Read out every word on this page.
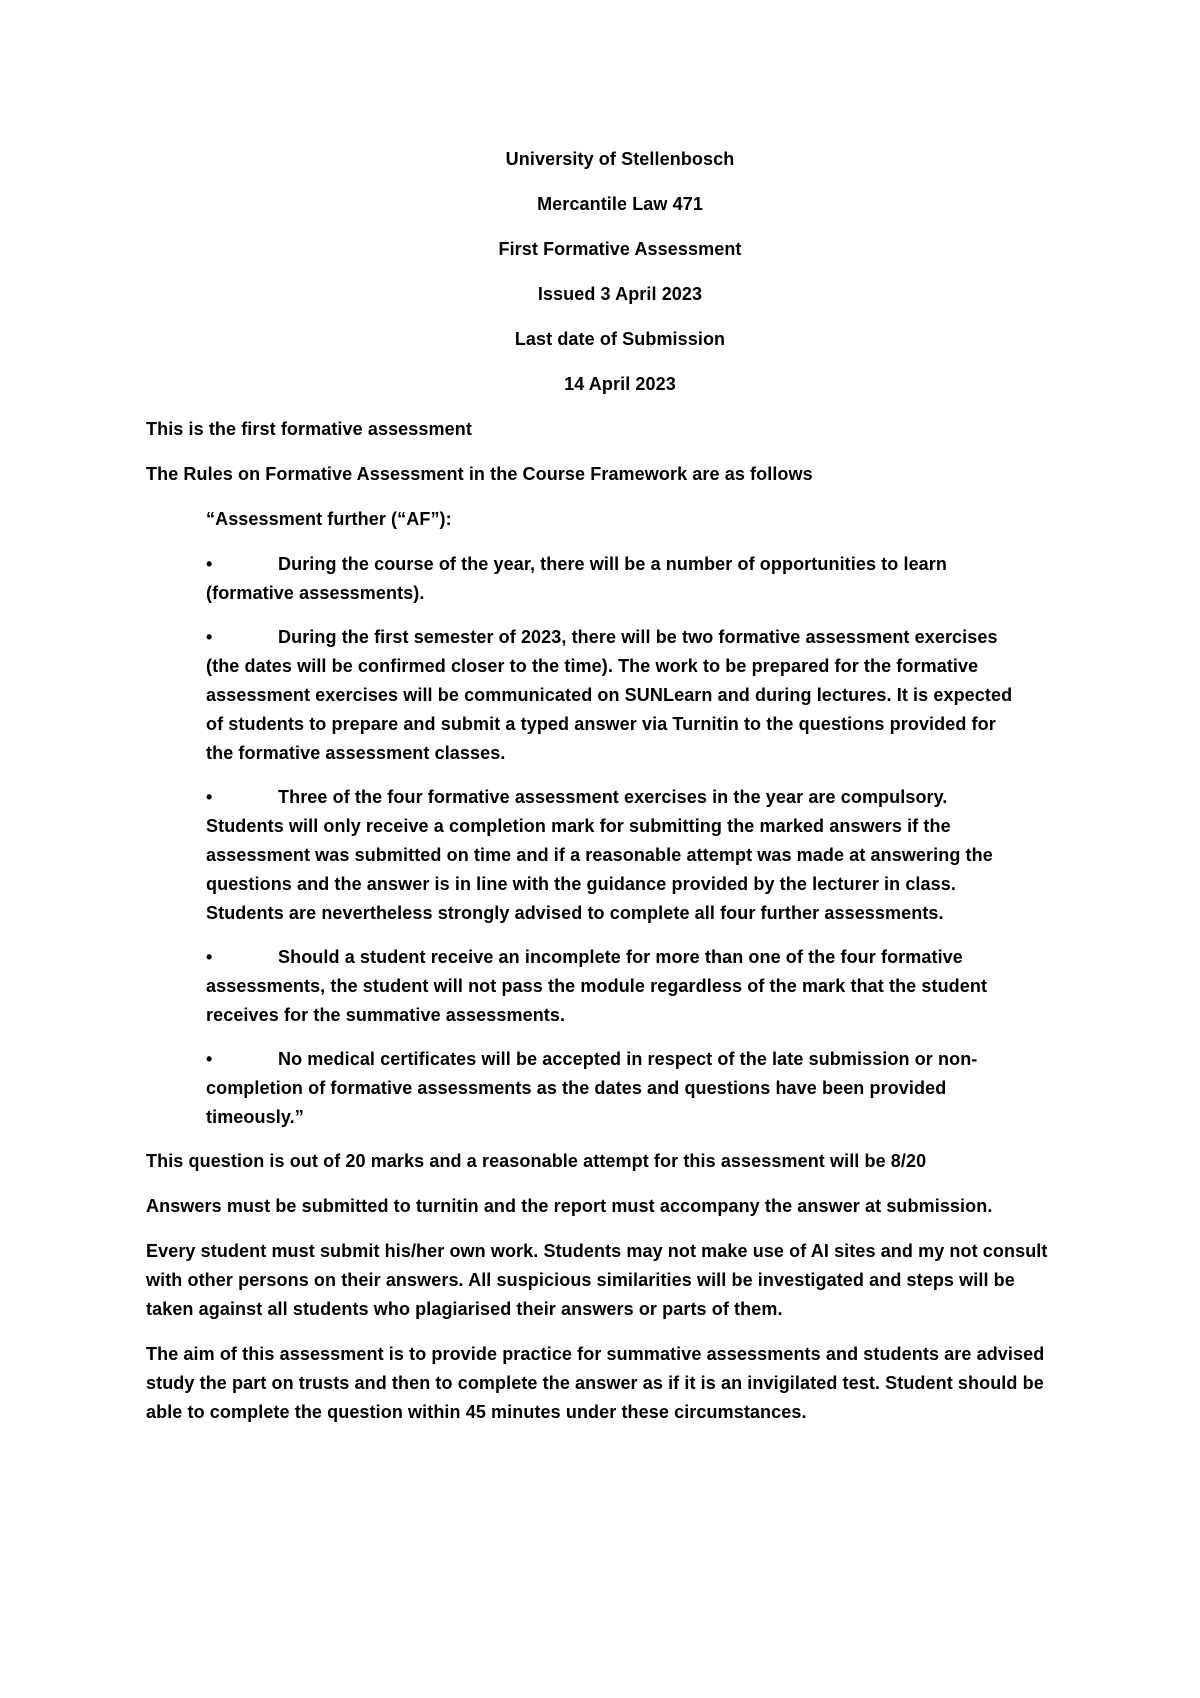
University of Stellenbosch
Mercantile Law 471
First Formative Assessment
Issued 3 April 2023
Last date of Submission
14 April 2023
This is the first formative assessment
The Rules on Formative Assessment in the Course Framework are as follows
“Assessment further (“AF”):
•	During the course of the year, there will be a number of opportunities to learn (formative assessments).
•	During the first semester of 2023, there will be two formative assessment exercises (the dates will be confirmed closer to the time). The work to be prepared for the formative assessment exercises will be communicated on SUNLearn and during lectures. It is expected of students to prepare and submit a typed answer via Turnitin to the questions provided for the formative assessment classes.
•	Three of the four formative assessment exercises in the year are compulsory. Students will only receive a completion mark for submitting the marked answers if the assessment was submitted on time and if a reasonable attempt was made at answering the questions and the answer is in line with the guidance provided by the lecturer in class. Students are nevertheless strongly advised to complete all four further assessments.
•	Should a student receive an incomplete for more than one of the four formative assessments, the student will not pass the module regardless of the mark that the student receives for the summative assessments.
•	No medical certificates will be accepted in respect of the late submission or non-completion of formative assessments as the dates and questions have been provided timeously.”
This question is out of 20 marks and a reasonable attempt for this assessment will be 8/20
Answers must be submitted to turnitin and the report must accompany the answer at submission.
Every student must submit his/her own work. Students may not make use of AI sites and my not consult with other persons on their answers. All suspicious similarities will be investigated and steps will be taken against all students who plagiarised their answers or parts of them.
The aim of this assessment is to provide practice for summative assessments and students are advised study the part on trusts and then to complete the answer as if it is an invigilated test. Student should be able to complete the question within 45 minutes under these circumstances.
